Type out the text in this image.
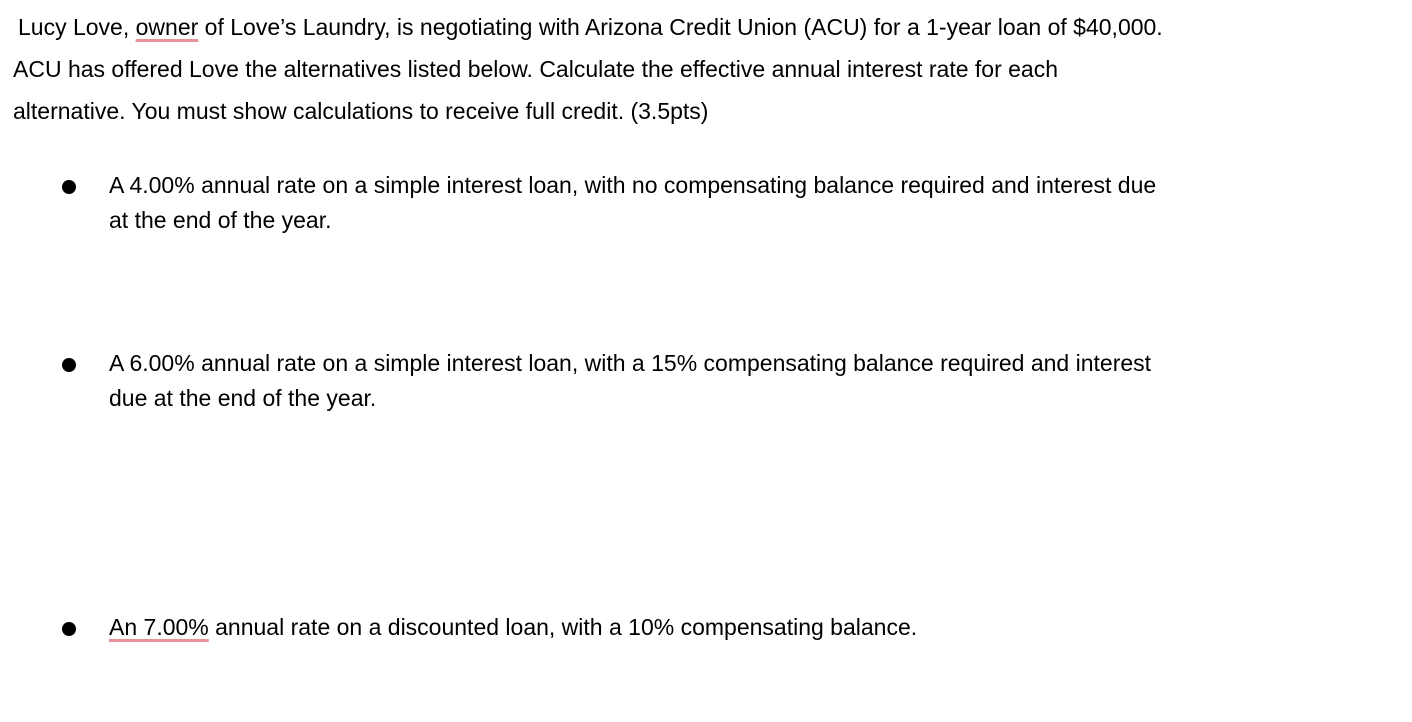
Lucy Love, owner of Love’s Laundry, is negotiating with Arizona Credit Union (ACU) for a 1-year loan of $40,000.
ACU has offered Love the alternatives listed below. Calculate the effective annual interest rate for each
alternative. You must show calculations to receive full credit. (3.5pts)
A 4.00% annual rate on a simple interest loan, with no compensating balance required and interest due
at the end of the year.
A 6.00% annual rate on a simple interest loan, with a 15% compensating balance required and interest
due at the end of the year.
An 7.00% annual rate on a discounted loan, with a 10% compensating balance.
